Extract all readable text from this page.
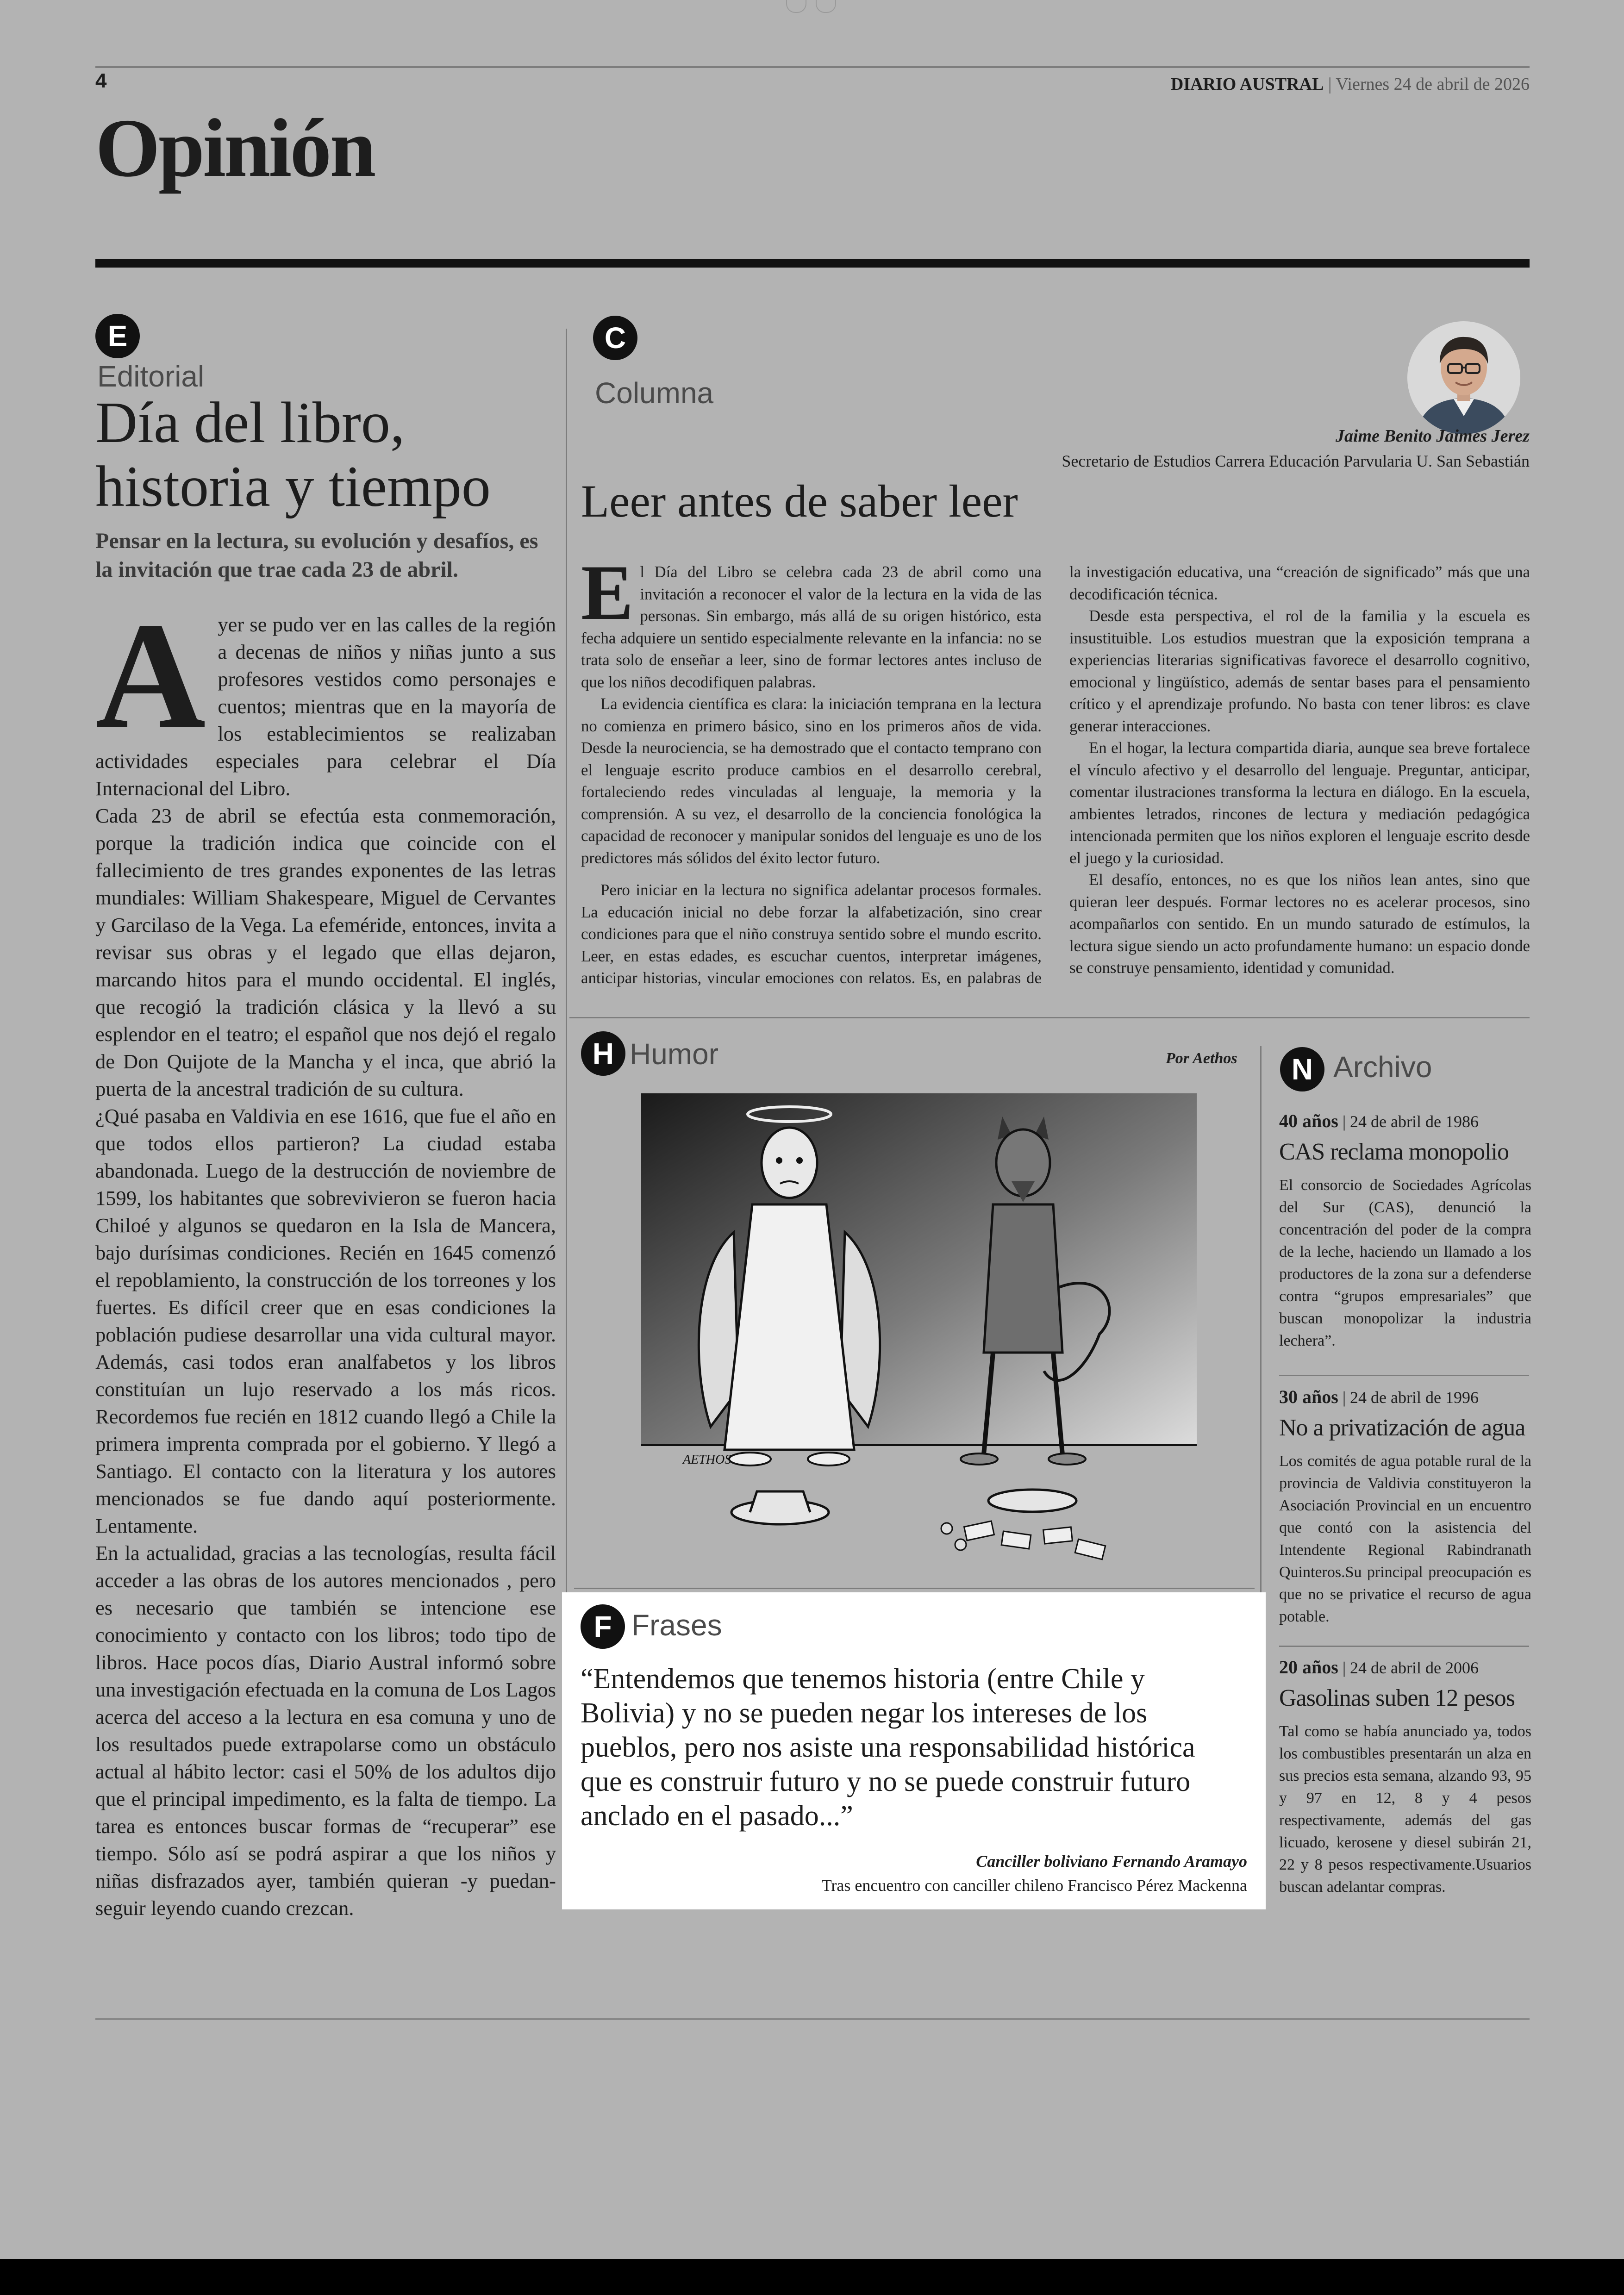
4	DIARIO AUSTRAL | Viernes 24 de abril de 2026
Opinión
E
Editorial
Día del libro, historia y tiempo
Pensar en la lectura, su evolución y desafíos, es la invitación que trae cada 23 de abril.
A yer se pudo ver en las calles de la región a decenas de niños y niñas junto a sus profesores vestidos como personajes e cuentos; mientras que en la mayoría de los establecimientos se realizaban actividades especiales para celebrar el Día Internacional del Libro.

Cada 23 de abril se efectúa esta conmemoración, porque la tradición indica que coincide con el fallecimiento de tres grandes exponentes de las letras mundiales: William Shakespeare, Miguel de Cervantes y Garcilaso de la Vega. La efeméride, entonces, invita a revisar sus obras y el legado que ellas dejaron, marcando hitos para el mundo occidental. El inglés, que recogió la tradición clásica y la llevó a su esplendor en el teatro; el español que nos dejó el regalo de Don Quijote de la Mancha y el inca, que abrió la puerta de la ancestral tradición de su cultura.

¿Qué pasaba en Valdivia en ese 1616, que fue el año en que todos ellos partieron? La ciudad estaba abandonada. Luego de la destrucción de noviembre de 1599, los habitantes que sobrevivieron se fueron hacia Chiloé y algunos se quedaron en la Isla de Mancera, bajo durísimas condiciones. Recién en 1645 comenzó el repoblamiento, la construcción de los torreones y los fuertes. Es difícil creer que en esas condiciones la población pudiese desarrollar una vida cultural mayor. Además, casi todos eran analfabetos y los libros constituían un lujo reservado a los más ricos. Recordemos fue recién en 1812 cuando llegó a Chile la primera imprenta comprada por el gobierno. Y llegó a Santiago. El contacto con la literatura y los autores mencionados se fue dando aquí posteriormente. Lentamente.

En la actualidad, gracias a las tecnologías, resulta fácil acceder a las obras de los autores mencionados , pero es necesario que también se intencione ese conocimiento y contacto con los libros; todo tipo de libros. Hace pocos días, Diario Austral informó sobre una investigación efectuada en la comuna de Los Lagos acerca del acceso a la lectura en esa comuna y uno de los resultados puede extrapolarse como un obstáculo actual al hábito lector: casi el 50% de los adultos dijo que el principal impedimento, es la falta de tiempo. La tarea es entonces buscar formas de “recuperar” ese tiempo. Sólo así se podrá aspirar a que los niños y niñas disfrazados ayer, también quieran -y puedan- seguir leyendo cuando crezcan.

C
Columna
Jaime Benito Jaimes Jerez
Secretario de Estudios Carrera Educación Parvularia U. San Sebastián
Leer antes de saber leer
E l Día del Libro se celebra cada 23 de abril como una invitación a reconocer el valor de la lectura en la vida de las personas. Sin embargo, más allá de su origen histórico, esta fecha adquiere un sentido especialmente relevante en la infancia: no se trata solo de enseñar a leer, sino de formar lectores antes incluso de que los niños decodifiquen palabras.

La evidencia científica es clara: la iniciación temprana en la lectura no comienza en primero básico, sino en los primeros años de vida. Desde la neurociencia, se ha demostrado que el contacto temprano con el lenguaje escrito produce cambios en el desarrollo cerebral, fortaleciendo redes vinculadas al lenguaje, la memoria y la comprensión. A su vez, el desarrollo de la conciencia fonológica la capacidad de reconocer y manipular sonidos del lenguaje es uno de los predictores más sólidos del éxito lector futuro.

Pero iniciar en la lectura no significa adelantar procesos formales. La educación inicial no debe forzar la alfabetización, sino crear condiciones para que el niño construya sentido sobre el mundo escrito. Leer, en estas edades, es escuchar cuentos, interpretar imágenes, anticipar historias, vincular emociones con relatos. Es, en palabras de la investigación educativa, una “creación de significado” más que una decodificación técnica.

Desde esta perspectiva, el rol de la familia y la escuela es insustituible. Los estudios muestran que la exposición temprana a experiencias literarias significativas favorece el desarrollo cognitivo, emocional y lingüístico, además de sentar bases para el pensamiento crítico y el aprendizaje profundo. No basta con tener libros: es clave generar interacciones.

En el hogar, la lectura compartida diaria, aunque sea breve fortalece el vínculo afectivo y el desarrollo del lenguaje. Preguntar, anticipar, comentar ilustraciones transforma la lectura en diálogo. En la escuela, ambientes letrados, rincones de lectura y mediación pedagógica intencionada permiten que los niños exploren el lenguaje escrito desde el juego y la curiosidad.

El desafío, entonces, no es que los niños lean antes, sino que quieran leer después. Formar lectores no es acelerar procesos, sino acompañarlos con sentido. En un mundo saturado de estímulos, la lectura sigue siendo un acto profundamente humano: un espacio donde se construye pensamiento, identidad y comunidad.

H Humor	Por Aethos
AETHOS
F Frases
“Entendemos que tenemos historia (entre Chile y Bolivia) y no se pueden negar los intereses de los pueblos, pero nos asiste una responsabilidad histórica que es construir futuro y no se puede construir futuro anclado en el pasado...”
Canciller boliviano Fernando Aramayo
Tras encuentro con canciller chileno Francisco Pérez Mackenna
N Archivo
40 años | 24 de abril de 1986
CAS reclama monopolio
El consorcio de Sociedades Agrícolas del Sur (CAS), denunció la concentración del poder de la compra de la leche, haciendo un llamado a los productores de la zona sur a defenderse contra “grupos empresariales” que buscan monopolizar la industria lechera”.
30 años | 24 de abril de 1996
No a privatización de agua
Los comités de agua potable rural de la provincia de Valdivia constituyeron la Asociación Provincial en un encuentro que contó con la asistencia del Intendente Regional Rabindranath Quinteros.Su principal preocupación es que no se privatice el recurso de agua potable.
20 años | 24 de abril de 2006
Gasolinas suben 12 pesos
Tal como se había anunciado ya, todos los combustibles presentarán un alza en sus precios esta semana, alzando 93, 95 y 97 en 12, 8 y 4 pesos respectivamente, además del gas licuado, kerosene y diesel subirán 21, 22 y 8 pesos respectivamente.Usuarios buscan adelantar compras.
